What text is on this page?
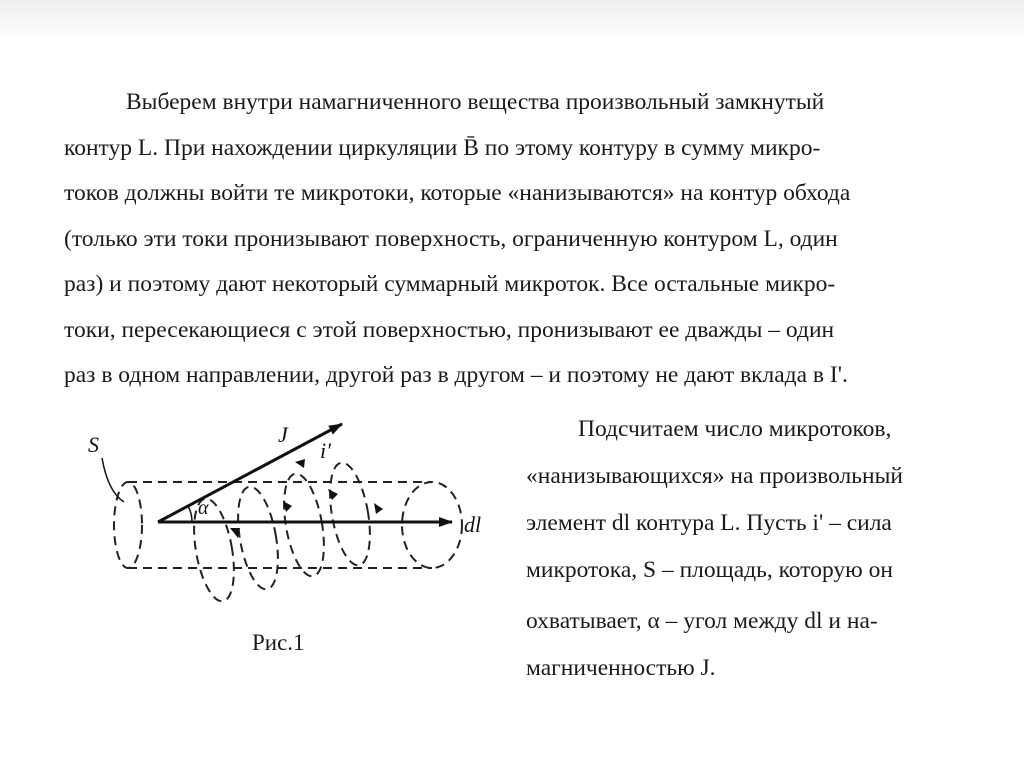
Выберем внутри намагниченного вещества произвольный замкнутый
контур L. При нахождении циркуляции B̄ по этому контуру в сумму микро-
токов должны войти те микротоки, которые «нанизываются» на контур обхода
(только эти токи пронизывают поверхность, ограниченную контуром L, один
раз) и поэтому дают некоторый суммарный микроток. Все остальные микро-
токи, пересекающиеся с этой поверхностью, пронизывают ее дважды – один
раз в одном направлении, другой раз в другом – и поэтому не дают вклада в I'.
S	J
i'
α
dl
Рис.1
Подсчитаем число микротоков,
«нанизывающихся» на произвольный
элемент dl контура L. Пусть i' – сила
микротока, S – площадь, которую он
охватывает, α – угол между dl и на-
магниченностью J.
